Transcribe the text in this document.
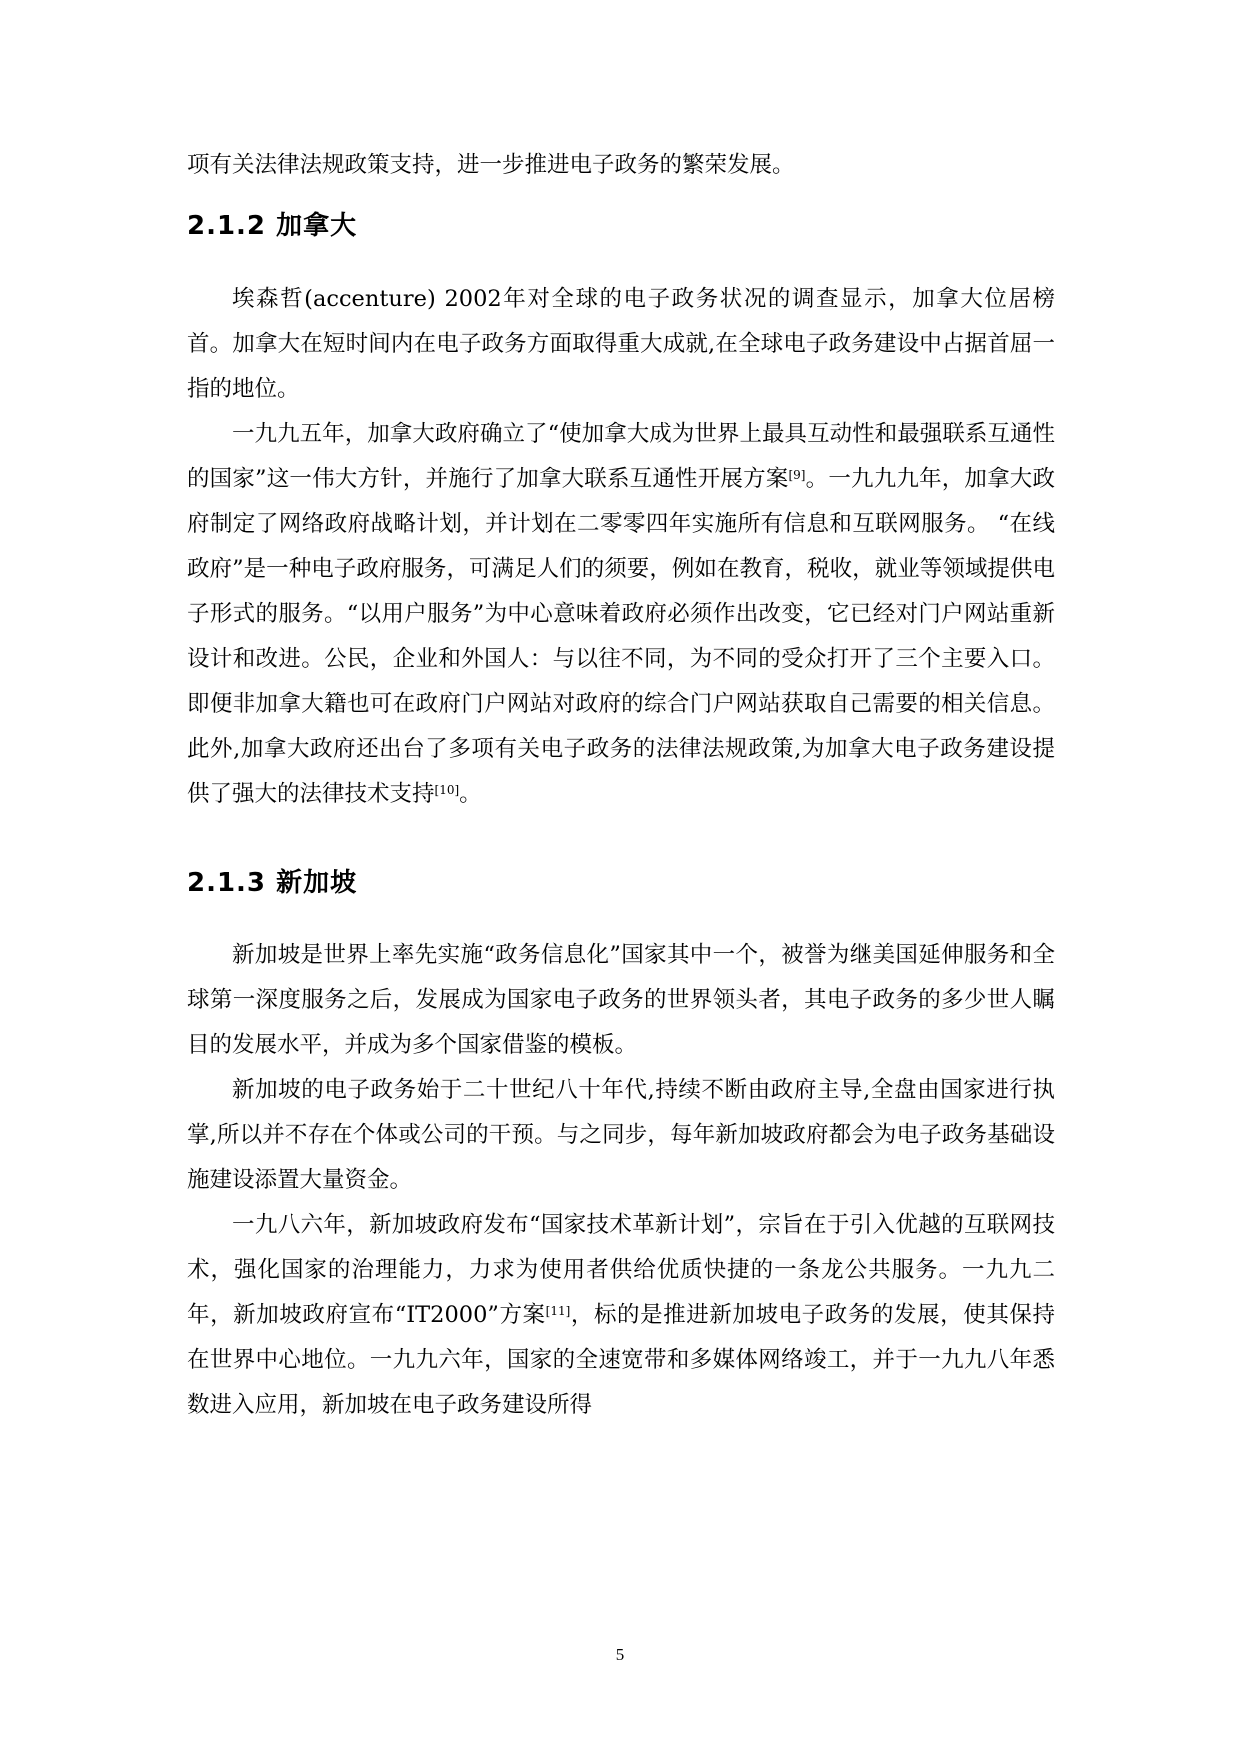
项有关法律法规政策支持，进一步推进电子政务的繁荣发展。

2.1.2 加拿大

埃森哲(accenture) 2002年对全球的电子政务状况的调查显示，加拿大位居榜首。加拿大在短时间内在电子政务方面取得重大成就,在全球电子政务建设中占据首屈一指的地位。

一九九五年，加拿大政府确立了“使加拿大成为世界上最具互动性和最强联系互通性的国家”这一伟大方针，并施行了加拿大联系互通性开展方案[9]。一九九九年，加拿大政府制定了网络政府战略计划，并计划在二零零四年实施所有信息和互联网服务。 “在线政府”是一种电子政府服务，可满足人们的须要，例如在教育，税收，就业等领域提供电子形式的服务。“以用户服务”为中心意味着政府必须作出改变，它已经对门户网站重新设计和改进。公民，企业和外国人：与以往不同，为不同的受众打开了三个主要入口。即便非加拿大籍也可在政府门户网站对政府的综合门户网站获取自己需要的相关信息。此外,加拿大政府还出台了多项有关电子政务的法律法规政策,为加拿大电子政务建设提供了强大的法律技术支持[10]。

2.1.3 新加坡

新加坡是世界上率先实施“政务信息化”国家其中一个，被誉为继美国延伸服务和全球第一深度服务之后，发展成为国家电子政务的世界领头者，其电子政务的多少世人瞩目的发展水平，并成为多个国家借鉴的模板。

新加坡的电子政务始于二十世纪八十年代,持续不断由政府主导,全盘由国家进行执掌,所以并不存在个体或公司的干预。与之同步，每年新加坡政府都会为电子政务基础设施建设添置大量资金。

一九八六年，新加坡政府发布“国家技术革新计划”，宗旨在于引入优越的互联网技术，强化国家的治理能力，力求为使用者供给优质快捷的一条龙公共服务。一九九二年，新加坡政府宣布“IT2000”方案[11]，标的是推进新加坡电子政务的发展，使其保持在世界中心地位。一九九六年，国家的全速宽带和多媒体网络竣工，并于一九九八年悉数进入应用，新加坡在电子政务建设所得

5
